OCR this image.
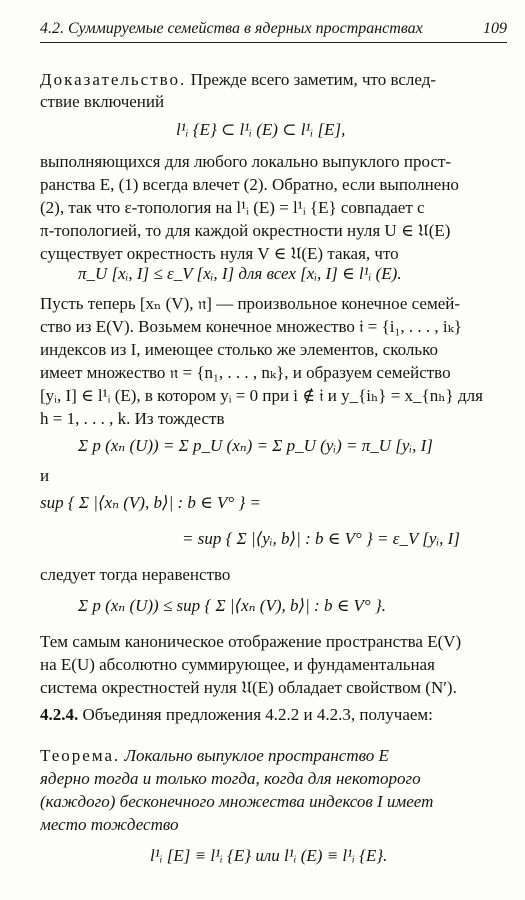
4.2. Суммируемые семейства в ядерных пространствах	109
Доказательство. Прежде всего заметим, что вслед-
ствие включений
l¹ᵢ {E} ⊂ l¹ᵢ (E) ⊂ l¹ᵢ [E],
выполняющихся для любого локально выпуклого прост-
ранства E, (1) всегда влечет (2). Обратно, если выполнено
(2), так что ε-топология на l¹ᵢ (E) = l¹ᵢ {E} совпадает с
π-топологией, то для каждой окрестности нуля U ∈ 𝔘(E)
существует окрестность нуля V ∈ 𝔘(E) такая, что
π_U [xᵢ, I] ≤ ε_V [xᵢ, I] для всех [xᵢ, I] ∈ l¹ᵢ (E).
Пусть теперь [xₙ (V), 𝔫] — произвольное конечное семей-
ство из E(V). Возьмем конечное множество 𝔦 = {i₁, . . . , iₖ}
индексов из I, имеющее столько же элементов, сколько
имеет множество 𝔫 = {n₁, . . . , nₖ}, и образуем семейство
[yᵢ, I] ∈ l¹ᵢ (E), в котором yᵢ = 0 при i ∉ 𝔦 и y_{iₕ} = x_{nₕ} для
h = 1, . . . , k. Из тождеств
Σ p (xₙ (U)) = Σ p_U (xₙ) = Σ p_U (yᵢ) = π_U [yᵢ, I]
и
sup { Σ |⟨xₙ (V), b⟩| : b ∈ V° } =
= sup { Σ |⟨yᵢ, b⟩| : b ∈ V° } = ε_V [yᵢ, I]
следует тогда неравенство
Σ p (xₙ (U)) ≤ sup { Σ |⟨xₙ (V), b⟩| : b ∈ V° }.
Тем самым каноническое отображение пространства E(V)
на E(U) абсолютно суммирующее, и фундаментальная
система окрестностей нуля 𝔘(E) обладает свойством (N′).
4.2.4. Объединяя предложения 4.2.2 и 4.2.3, получаем:
Теорема. Локально выпуклое пространство E
ядерно тогда и только тогда, когда для некоторого
(каждого) бесконечного множества индексов I имеет
место тождество
l¹ᵢ [E] ≡ l¹ᵢ {E} или l¹ᵢ (E) ≡ l¹ᵢ {E}.
